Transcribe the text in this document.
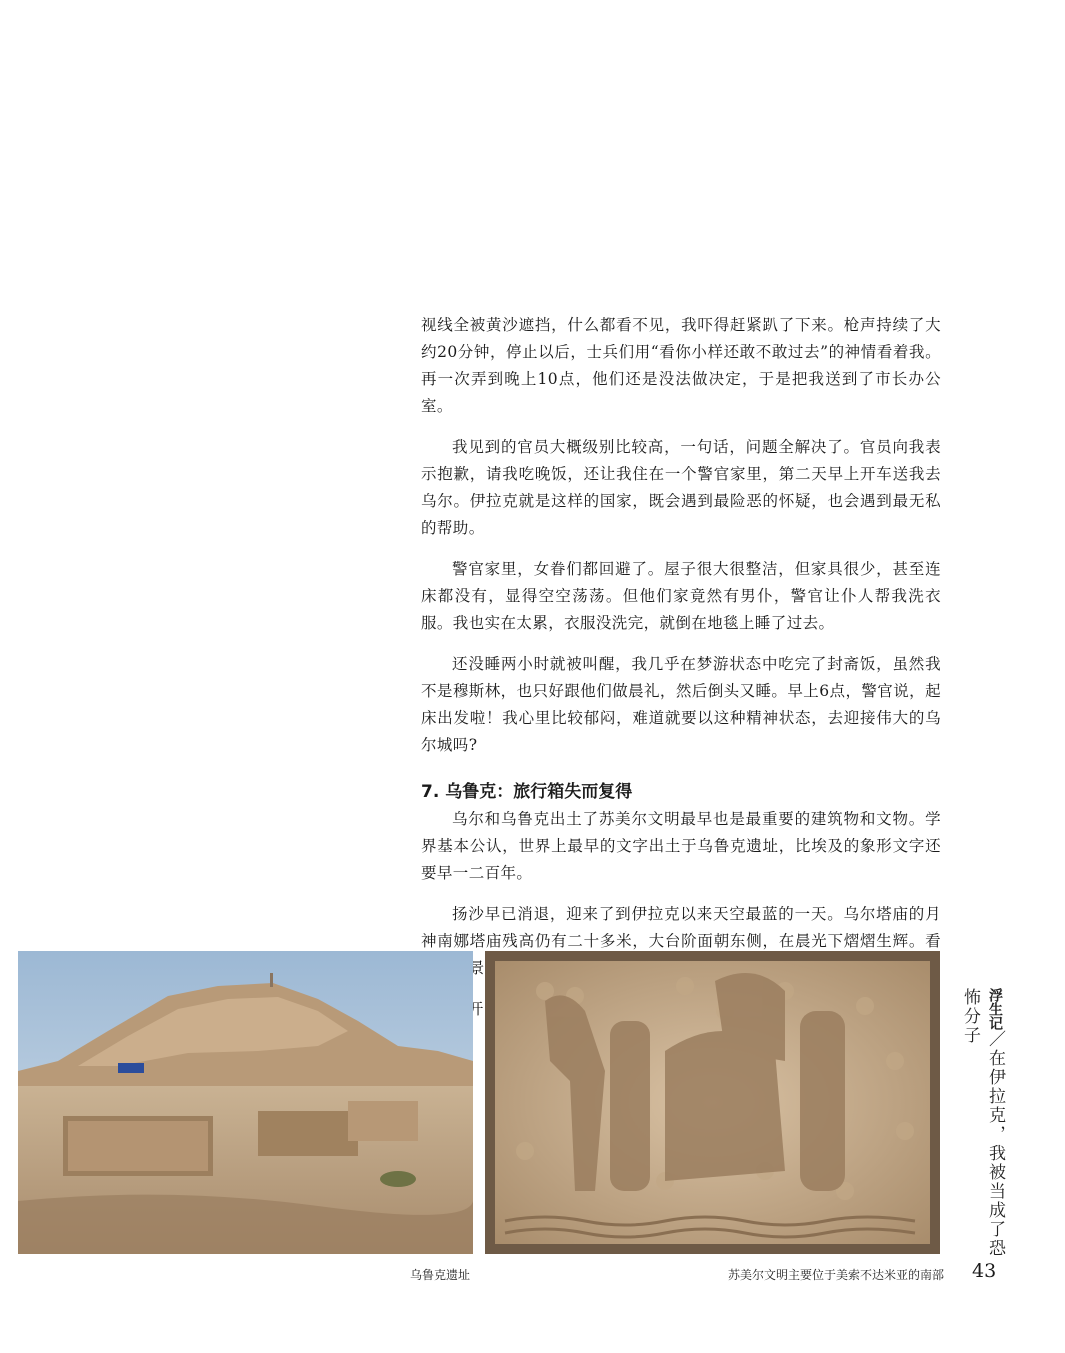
视线全被黄沙遮挡，什么都看不见，我吓得赶紧趴了下来。枪声持续了大约20分钟，停止以后，士兵们用“看你小样还敢不敢过去”的神情看着我。再一次弄到晚上10点，他们还是没法做决定，于是把我送到了市长办公室。

我见到的官员大概级别比较高，一句话，问题全解决了。官员向我表示抱歉，请我吃晚饭，还让我住在一个警官家里，第二天早上开车送我去乌尔。伊拉克就是这样的国家，既会遇到最险恶的怀疑，也会遇到最无私的帮助。

警官家里，女眷们都回避了。屋子很大很整洁，但家具很少，甚至连床都没有，显得空空荡荡。但他们家竟然有男仆，警官让仆人帮我洗衣服。我也实在太累，衣服没洗完，就倒在地毯上睡了过去。

还没睡两小时就被叫醒，我几乎在梦游状态中吃完了封斋饭，虽然我不是穆斯林，也只好跟他们做晨礼，然后倒头又睡。早上6点，警官说，起床出发啦！我心里比较郁闷，难道就要以这种精神状态，去迎接伟大的乌尔城吗?

7. 乌鲁克：旅行箱失而复得

乌尔和乌鲁克出土了苏美尔文明最早也是最重要的建筑物和文物。学界基本公认，世界上最早的文字出土于乌鲁克遗址，比埃及的象形文字还要早一二百年。

扬沙早已消退，迎来了到伊拉克以来天空最蓝的一天。乌尔塔庙的月神南娜塔庙残高仍有二十多米，大台阶面朝东侧，在晨光下熠熠生辉。看 景象

乌鲁克遗址	苏美尔文明主要位于美索不达米亚的南部
浮生记／在伊拉克，我被当成了恐怖分子
43
